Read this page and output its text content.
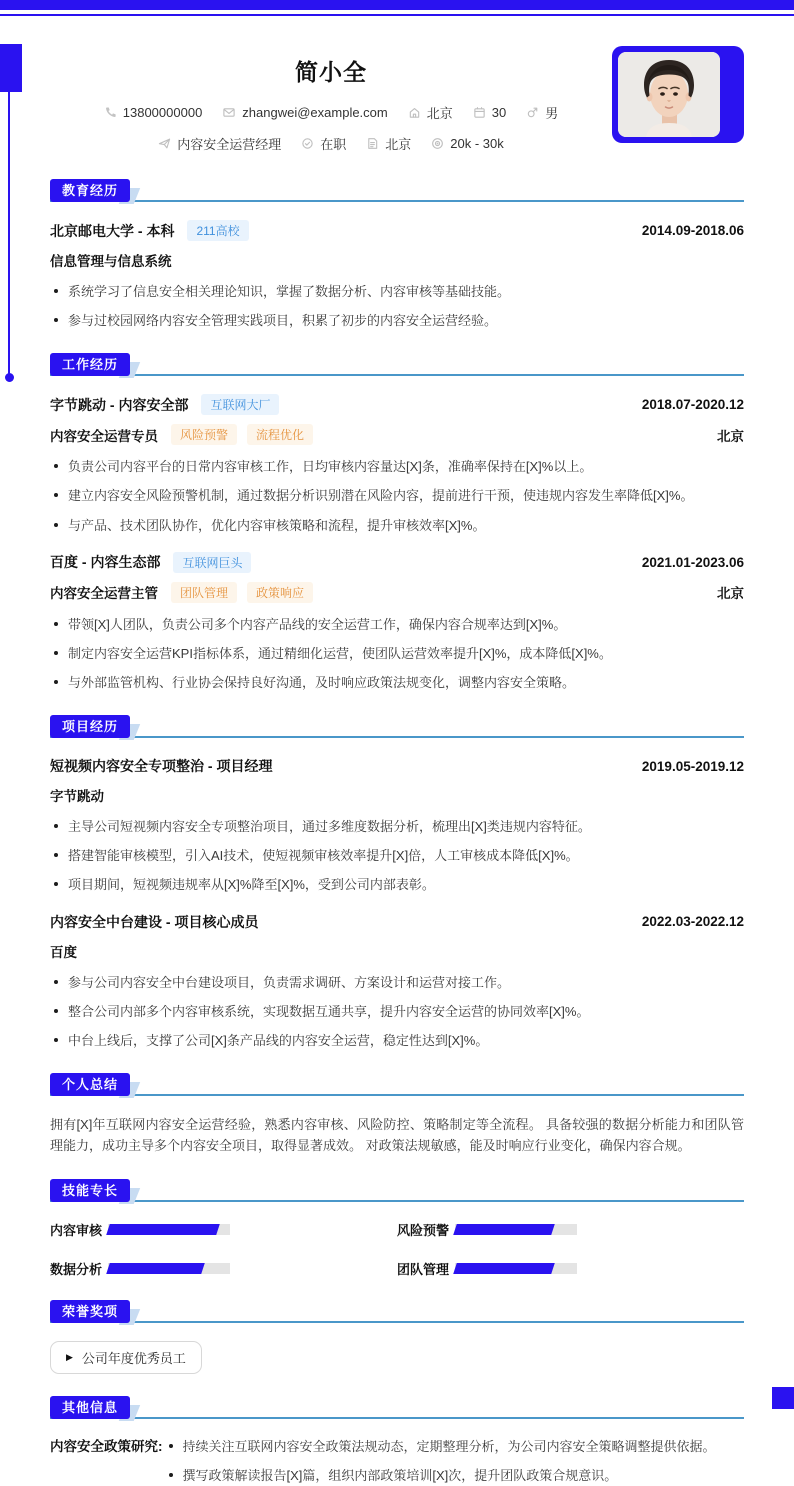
简小全
13800000000	zhangwei@example.com	北京	30	男
内容安全运营经理	在职	北京	20k - 30k
教育经历
北京邮电大学 - 本科	211高校	2014.09-2018.06
信息管理与信息系统
系统学习了信息安全相关理论知识，掌握了数据分析、内容审核等基础技能。
参与过校园网络内容安全管理实践项目，积累了初步的内容安全运营经验。
工作经历
字节跳动 - 内容安全部	互联网大厂	2018.07-2020.12
内容安全运营专员	风险预警	流程优化	北京
负责公司内容平台的日常内容审核工作，日均审核内容量达[X]条，准确率保持在[X]%以上。
建立内容安全风险预警机制，通过数据分析识别潜在风险内容，提前进行干预，使违规内容发生率降低[X]%。
与产品、技术团队协作，优化内容审核策略和流程，提升审核效率[X]%。
百度 - 内容生态部	互联网巨头	2021.01-2023.06
内容安全运营主管	团队管理	政策响应	北京
带领[X]人团队，负责公司多个内容产品线的安全运营工作，确保内容合规率达到[X]%。
制定内容安全运营KPI指标体系，通过精细化运营，使团队运营效率提升[X]%，成本降低[X]%。
与外部监管机构、行业协会保持良好沟通，及时响应政策法规变化，调整内容安全策略。
项目经历
短视频内容安全专项整治 - 项目经理	2019.05-2019.12
字节跳动
主导公司短视频内容安全专项整治项目，通过多维度数据分析，梳理出[X]类违规内容特征。
搭建智能审核模型，引入AI技术，使短视频审核效率提升[X]倍，人工审核成本降低[X]%。
项目期间，短视频违规率从[X]%降至[X]%，受到公司内部表彰。
内容安全中台建设 - 项目核心成员	2022.03-2022.12
百度
参与公司内容安全中台建设项目，负责需求调研、方案设计和运营对接工作。
整合公司内部多个内容审核系统，实现数据互通共享，提升内容安全运营的协同效率[X]%。
中台上线后，支撑了公司[X]条产品线的内容安全运营，稳定性达到[X]%。
个人总结

拥有[X]年互联网内容安全运营经验，熟悉内容审核、风险防控、策略制定等全流程。 具备较强的数据分析能力和团队管理能力，成功主导多个内容安全项目，取得显著成效。 对政策法规敏感，能及时响应行业变化，确保内容合规。

技能专长
内容审核	风险预警
数据分析	团队管理
荣誉奖项
▶ 公司年度优秀员工
其他信息
内容安全政策研究:	持续关注互联网内容安全政策法规动态，定期整理分析，为公司内容安全策略调整提供依据。
撰写政策解读报告[X]篇，组织内部政策培训[X]次，提升团队政策合规意识。
